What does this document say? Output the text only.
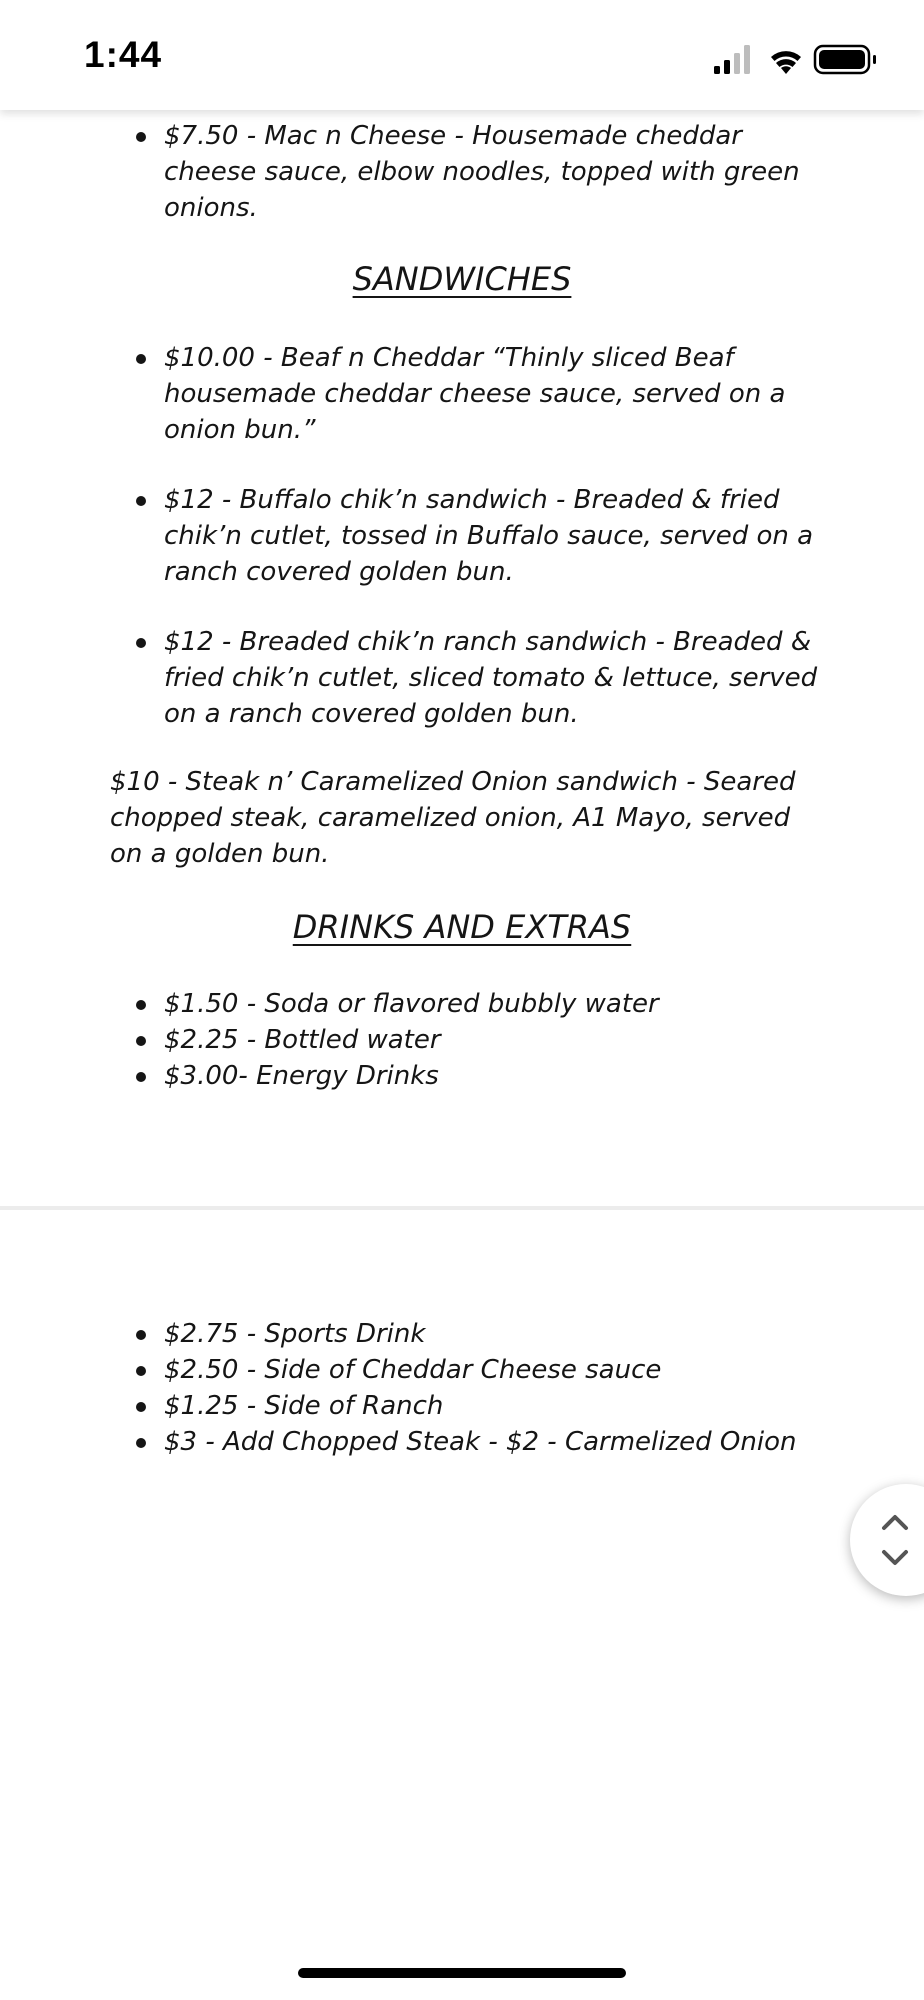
1:44
$7.50 - Mac n Cheese - Housemade cheddar cheese sauce, elbow noodles, topped with green onions.
SANDWICHES
$10.00 - Beaf n Cheddar “Thinly sliced Beaf housemade cheddar cheese sauce, served on a onion bun.”
$12 - Buffalo chik’n sandwich - Breaded & fried chik’n cutlet, tossed in Buffalo sauce, served on a ranch covered golden bun.
$12 - Breaded chik’n ranch sandwich - Breaded & fried chik’n cutlet, sliced tomato & lettuce, served on a ranch covered golden bun.
$10 - Steak n’ Caramelized Onion sandwich - Seared chopped steak, caramelized onion, A1 Mayo, served on a golden bun.
DRINKS AND EXTRAS
$1.50 - Soda or flavored bubbly water
$2.25 - Bottled water
$3.00- Energy Drinks
$2.75 - Sports Drink
$2.50 - Side of Cheddar Cheese sauce
$1.25 - Side of Ranch
$3 - Add Chopped Steak - $2 - Carmelized Onion
